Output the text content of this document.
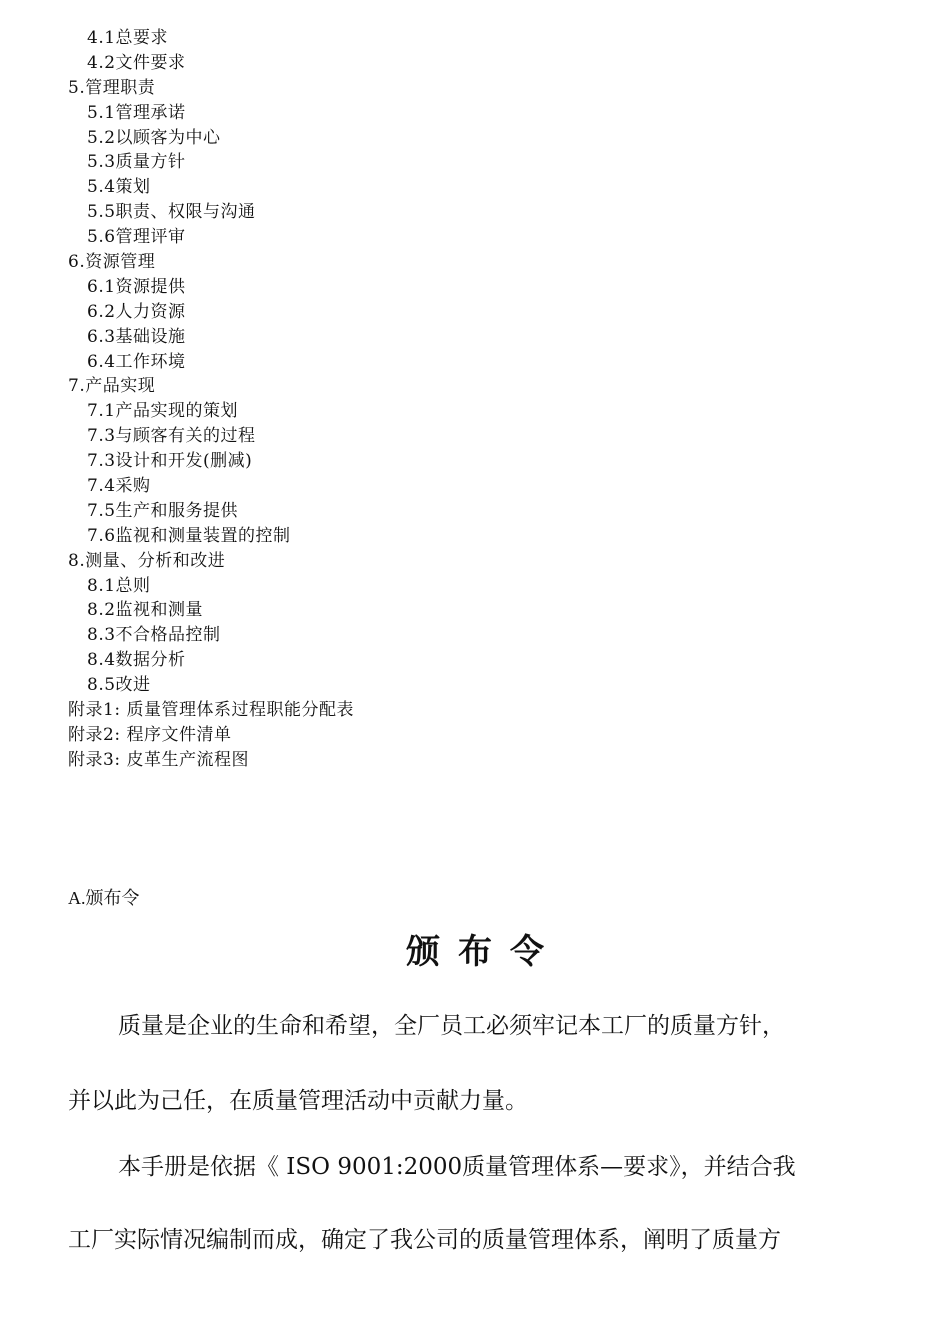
4.1总要求
4.2文件要求
5.管理职责
5.1管理承诺
5.2以顾客为中心
5.3质量方针
5.4策划
5.5职责、权限与沟通
5.6管理评审
6.资源管理
6.1资源提供
6.2人力资源
6.3基础设施
6.4工作环境
7.产品实现
7.1产品实现的策划
7.3与顾客有关的过程
7.3设计和开发(删减)
7.4采购
7.5生产和服务提供
7.6监视和测量装置的控制
8.测量、分析和改进
8.1总则
8.2监视和测量
8.3不合格品控制
8.4数据分析
8.5改进
附录1: 质量管理体系过程职能分配表
附录2: 程序文件清单
附录3: 皮革生产流程图
A.颁布令
颁布令
质量是企业的生命和希望，全厂员工必须牢记本工厂的质量方针，
并以此为己任，在质量管理活动中贡献力量。
本手册是依据《 ISO 9001:2000质量管理体系—要求》，并结合我
工厂实际情况编制而成，确定了我公司的质量管理体系，阐明了质量方
